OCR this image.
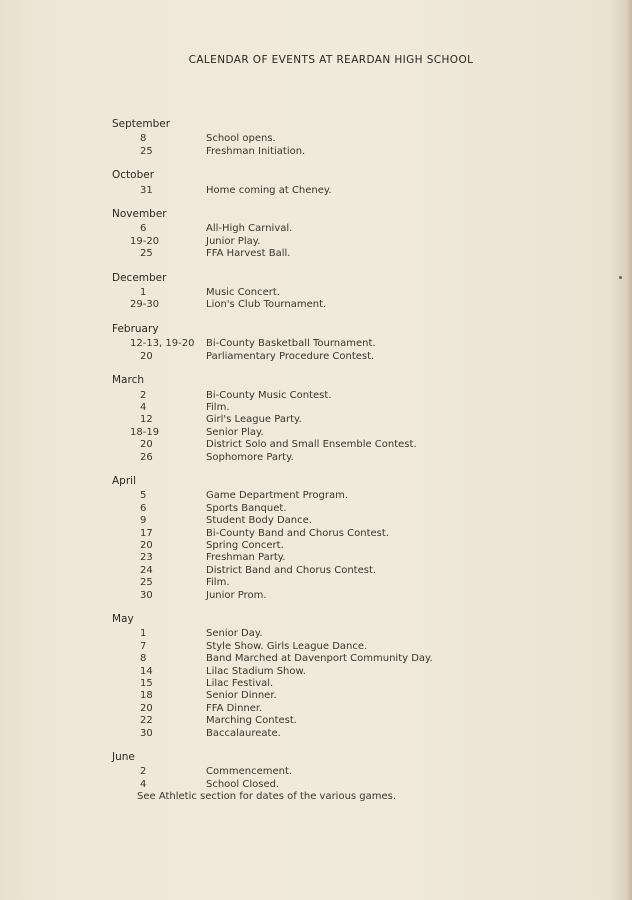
CALENDAR OF EVENTS AT REARDAN HIGH SCHOOL
September
8	School opens.
25	Freshman Initiation.
October
31	Home coming at Cheney.
November
6	All-High Carnival.
19-20	Junior Play.
25	FFA Harvest Ball.
December
1	Music Concert.
29-30	Lion's Club Tournament.
February
12-13, 19-20	Bi-County Basketball Tournament.
20	Parliamentary Procedure Contest.
March
2	Bi-County Music Contest.
4	Film.
12	Girl's League Party.
18-19	Senior Play.
20	District Solo and Small Ensemble Contest.
26	Sophomore Party.
April
5	Game Department Program.
6	Sports Banquet.
9	Student Body Dance.
17	Bi-County Band and Chorus Contest.
20	Spring Concert.
23	Freshman Party.
24	District Band and Chorus Contest.
25	Film.
30	Junior Prom.
May
1	Senior Day.
7	Style Show. Girls League Dance.
8	Band Marched at Davenport Community Day.
14	Lilac Stadium Show.
15	Lilac Festival.
18	Senior Dinner.
20	FFA Dinner.
22	Marching Contest.
30	Baccalaureate.
June
2	Commencement.
4	School Closed.
See Athletic section for dates of the various games.
